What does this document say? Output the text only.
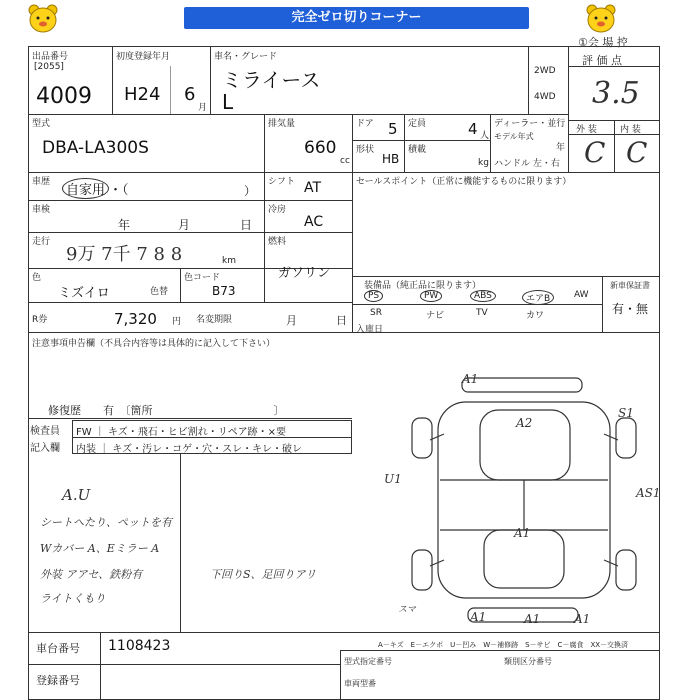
完全ゼロ切りコーナー
①会 場 控
出品番号
[2055]
4009
初度登録年月
H24 6
月
車名・グレード
ミライース
L
2WD
4WD
評 価 点
3.5
外 装	内 装
C C
型式
DBA-LA300S
排気量
660
cc
ドア 5 定員	4 人
形状
HB
積載
kg
ディーラー・並行
モデル年式
年
ハンドル 左・右
車歴
自家用 ・（	）
シフト AT
車検
年	月	日
冷房
AC
走行
9万 7千 7 8 8	km
燃料
ガソリン
色
ミズイロ	色替
色コード
B73
R券	7,320 円 名変期限	月	日
セールスポイント（正常に機能するものに限ります）
装備品（純正品に限ります）	新車保証書
有・無
PS	PW	ABS	エアB	AW
SR	ナビ	TV	カワ
入庫日
注意事項申告欄（不具合内容等は具体的に記入して下さい）
修復歴　　有　〔箇所　　　　　　　　　　　〕
検査員
記入欄
FW ｜ キズ・飛石・ヒビ割れ・リペア跡・×要
内装 ｜ キズ・汚レ・コゲ・穴・スレ・キレ・破レ
A.U
シートへたり、ペットを有
Wカバー A、Eミラー A
外装 アアセ、鉄粉有
ライトくもり
下回りS、足回りアリ
A1
A2
S1
U1
AS1
A1
スマ	A1	A1
A1
車台番号 1108423
登録番号
A－キズ　E－エクボ　U－凹み　W－補修跡　S－サビ　C－腐食　XX－交換済
型式指定番号	類別区分番号
車両型番
